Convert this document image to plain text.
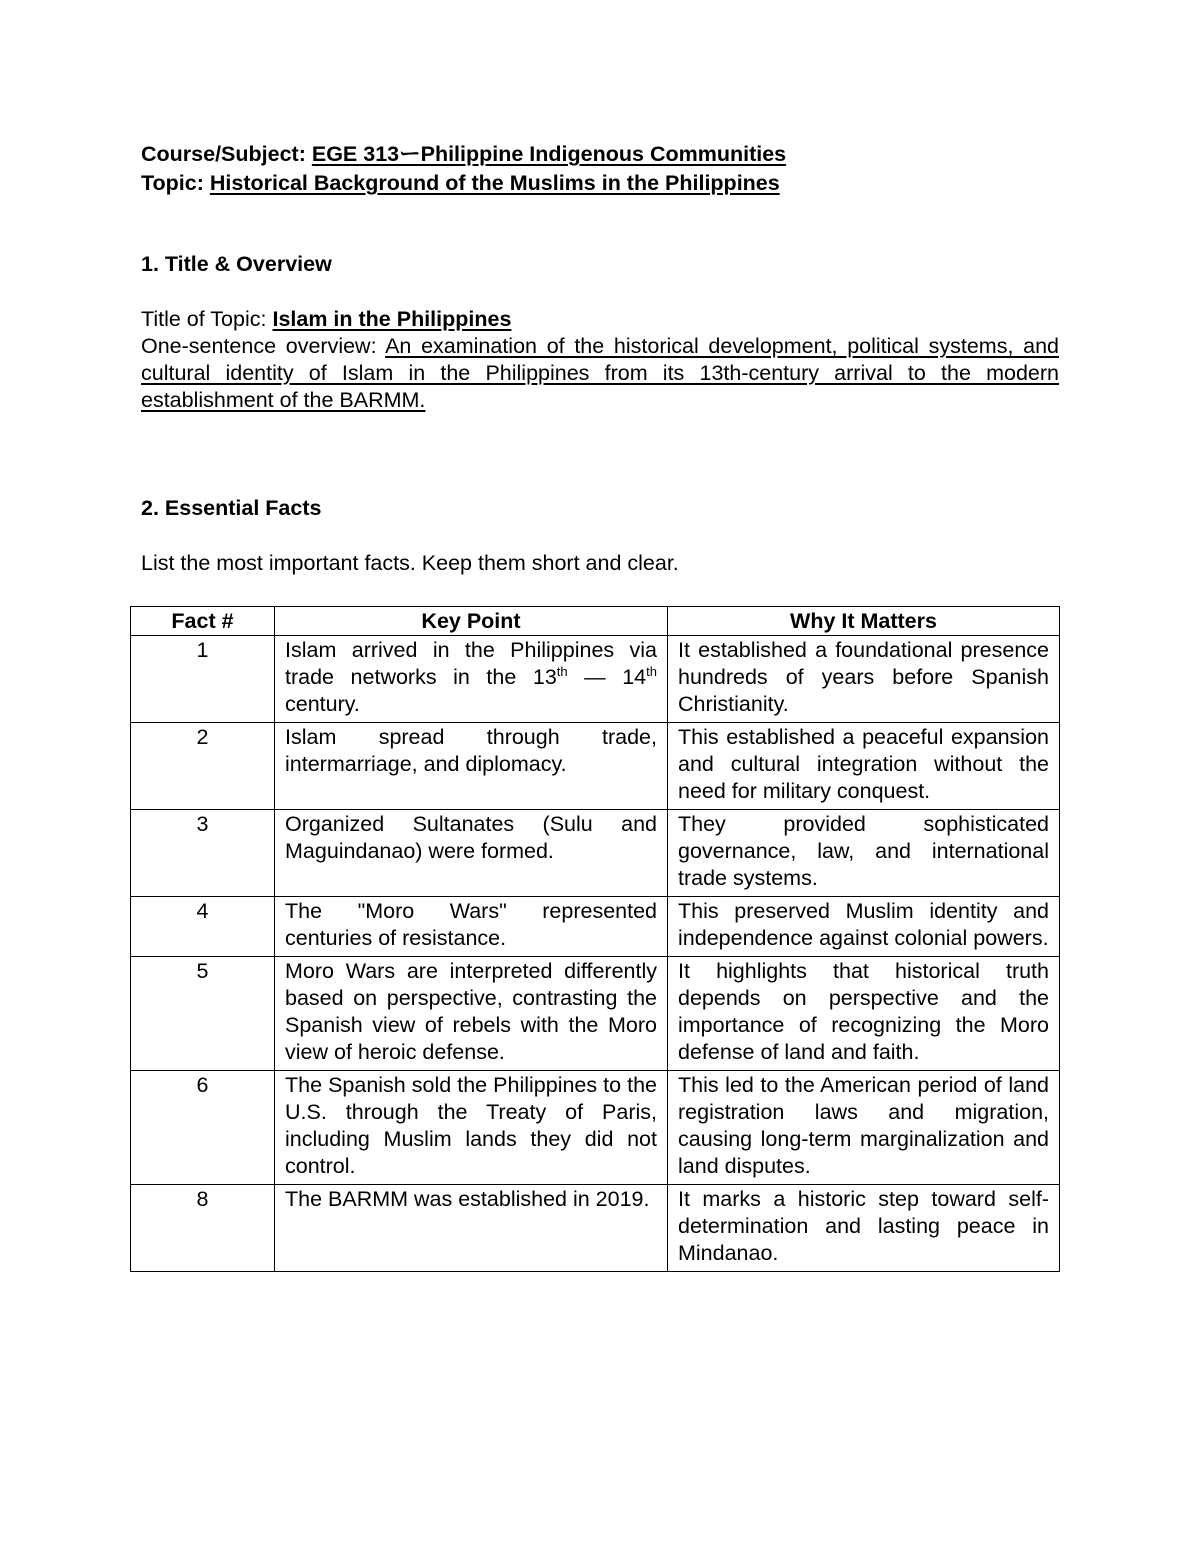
Course/Subject: EGE 313ーPhilippine Indigenous Communities

Topic: Historical Background of the Muslims in the Philippines

1. Title & Overview

Title of Topic: Islam in the Philippines

One-sentence overview: An examination of the historical development, political systems, and cultural identity of Islam in the Philippines from its 13th-century arrival to the modern establishment of the BARMM.

2. Essential Facts

List the most important facts. Keep them short and clear.

Fact #	Key Point	Why It Matters
1	Islam arrived in the Philippines via trade networks in the 13th — 14th century.	It established a foundational presence hundreds of years before Spanish Christianity.
2	Islam spread through trade, intermarriage, and diplomacy.	This established a peaceful expansion and cultural integration without the need for military conquest.
3	Organized Sultanates (Sulu and Maguindanao) were formed.	They provided sophisticated governance, law, and international trade systems.
4	The "Moro Wars" represented centuries of resistance.	This preserved Muslim identity and independence against colonial powers.
5	Moro Wars are interpreted differently based on perspective, contrasting the Spanish view of rebels with the Moro view of heroic defense.	It highlights that historical truth depends on perspective and the importance of recognizing the Moro defense of land and faith.
6	The Spanish sold the Philippines to the U.S. through the Treaty of Paris, including Muslim lands they did not control.	This led to the American period of land registration laws and migration, causing long-term marginalization and land disputes.
8	The BARMM was established in 2019.	It marks a historic step toward self-determination and lasting peace in Mindanao.
